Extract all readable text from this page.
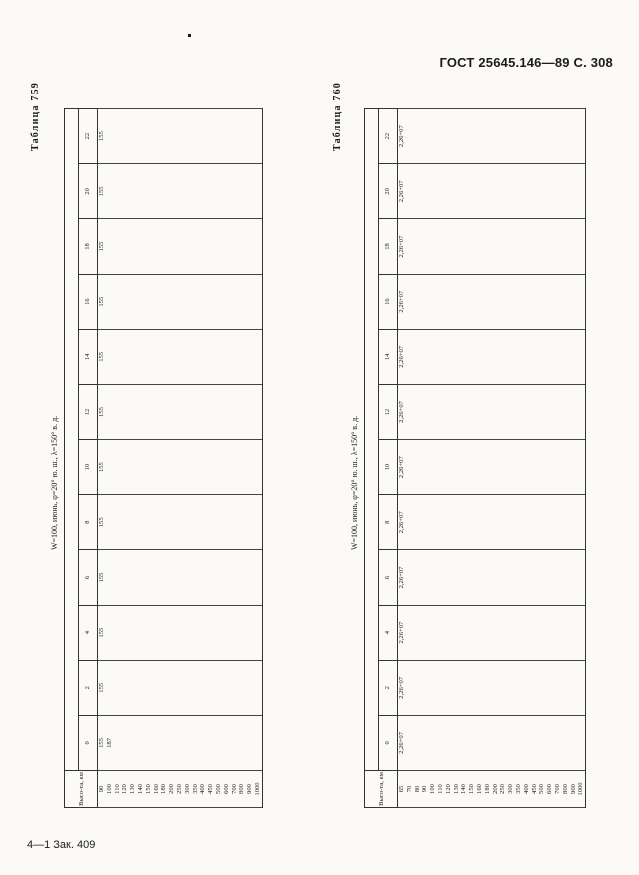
ГОСТ 25645.146—89 С. 308
Таблица 759
W=100, июнь, φ=20° ю. ш., λ=150° в. д.
Высо-та, км												
	0	2	4	6	8	10	12	14	16	18	20	22
90	155	155	155	155	155	155	155	155	155	155	155	155
100	187											
110												
120												
130												
140												
150												
160												
180												
200												
250												
300												
350												
400												
450												
500												
600												
700												
800												
900												
1000												
Таблица 760
W=100, июнь, φ=20° ю. ш., λ=150° в. д.
Высо-та, км												
	0	2	4	6	8	10	12	14	16	18	20	22
65	2,26+07	2,26+07	2,26+07	2,26+07	2,26+07	2,26+07	2,26+07	2,26+07	2,26+07	2,26+07	2,26+07	2,26+07
70												
80												
90												
100												
110												
120												
130												
140												
150												
160												
180												
200												
250												
300												
350												
400												
450												
500												
600												
700												
800												
900												
1000												
4—1 Зак. 409
